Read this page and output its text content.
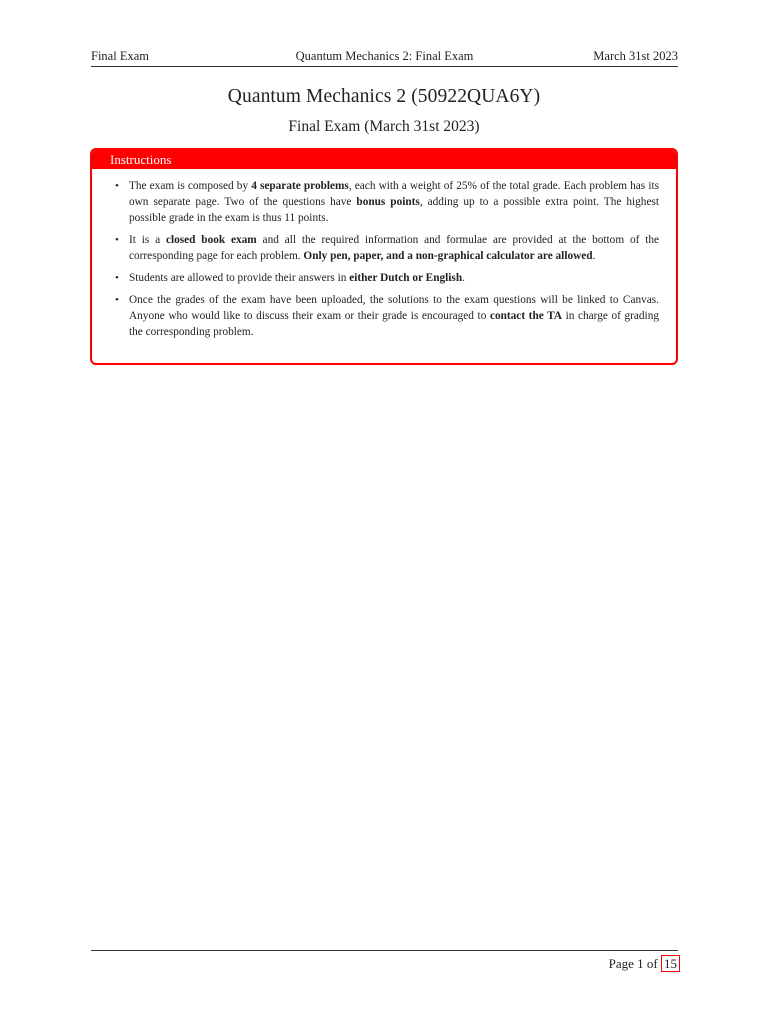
Final Exam	Quantum Mechanics 2: Final Exam	March 31st 2023
Quantum Mechanics 2 (50922QUA6Y)
Final Exam (March 31st 2023)
Instructions
• The exam is composed by 4 separate problems, each with a weight of 25% of the total grade. Each problem has its own separate page. Two of the questions have bonus points, adding up to a possible extra point. The highest possible grade in the exam is thus 11 points.
• It is a closed book exam and all the required information and formulae are provided at the bottom of the corresponding page for each problem. Only pen, paper, and a non-graphical calculator are allowed.
• Students are allowed to provide their answers in either Dutch or English.
• Once the grades of the exam have been uploaded, the solutions to the exam questions will be linked to Canvas. Anyone who would like to discuss their exam or their grade is encouraged to contact the TA in charge of grading the corresponding problem.
Page 1 of 15
